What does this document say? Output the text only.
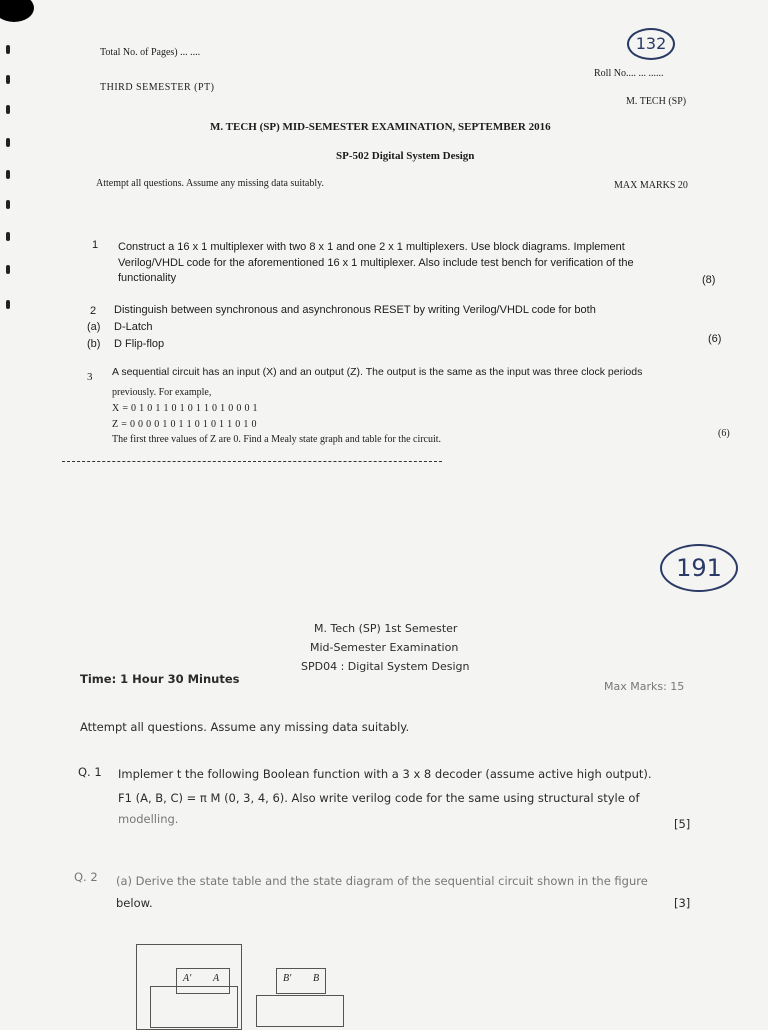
Total No. of Pages) ... ....	132
Roll No.... ... ......
THIRD SEMESTER (PT)
M. TECH (SP)
M. TECH (SP) MID-SEMESTER EXAMINATION, SEPTEMBER 2016
SP-502 Digital System Design
Attempt all questions. Assume any missing data suitably.	MAX MARKS 20
1 Construct a 16 x 1 multiplexer with two 8 x 1 and one 2 x 1 multiplexers. Use block diagrams. Implement
Verilog/VHDL code for the aforementioned 16 x 1 multiplexer. Also include test bench for verification of the
functionality	(8)
2 Distinguish between synchronous and asynchronous RESET by writing Verilog/VHDL code for both
(a) D-Latch
(b) D Flip-flop	(6)
3 A sequential circuit has an input (X) and an output (Z). The output is the same as the input was three clock periods
previously. For example,
X = 0 1 0 1 1 0 1 0 1 1 0 1 0 0 0 1
Z = 0 0 0 0 1 0 1 1 0 1 0 1 1 0 1 0
The first three values of Z are 0. Find a Mealy state graph and table for the circuit.
(6)
191
M. Tech (SP) 1st Semester
Mid-Semester Examination
SPD04 : Digital System Design
Time: 1 Hour 30 Minutes
Max Marks: 15
Attempt all questions. Assume any missing data suitably.
Q. 1 Implemer t the following Boolean function with a 3 x 8 decoder (assume active high output).
F1 (A, B, C) = π M (0, 3, 4, 6). Also write verilog code for the same using structural style of
modelling.	[5]
Q. 2 (a) Derive the state table and the state diagram of the sequential circuit shown in the figure
below.	[3]
A' A	B' B
